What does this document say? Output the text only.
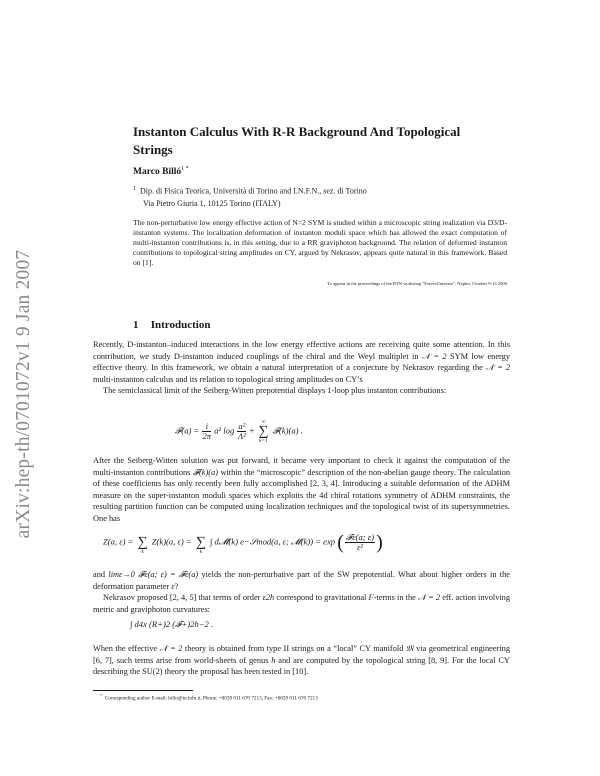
arXiv:hep-th/0701072v1 9 Jan 2007
Instanton Calculus With R-R Background And Topological
Strings
Marco Billó$^{1 *}$
$^1$ Dip. di Fisica Teorica, Università di Torino and I.N.F.N., sez. di Torino
Via Pietro Giuria 1, 10125 Torino (ITALY)
The non-perturbative low energy effective action of N=2 SYM is studied within a microscopic string realization via D3/D-instanton systems. The localization deformation of instanton moduli space which has allowed the exact computation of multi-instanton contributions is, in this setting, due to a RR graviphoton background. The relation of deformed instanton contributions to topological string amplitudes on CY, argued by Nekrasov, appears quite natural in this framework. Based on [1].
To appear in the proceedings of the RTN workshop "ForcesUniverse", Naples, October 9-13 2006
1 Introduction

Recently, D-instanton–induced interactions in the low energy effective actions are receiving quite some attention. In this contribution, we study D-instanton induced couplings of the chiral and the Weyl multiplet in 𝒩 = 2 SYM low energy effective theory. In this framework, we obtain a natural interpretation of a conjecture by Nekrasov regarding the 𝒩 = 2 multi-instanton calculus and its relation to topological string amplitudes on CY’s

The semiclassical limit of the Seiberg-Witten prepotential displays 1-loop plus instanton contributions:

𝓕(a) = $\frac{i}{2\pi} a^2$ $\log \frac{\text{a²}}{\text{Λ²}}$ +
∞
∑
k=1
𝓕(k)(a) .

After the Seiberg-Witten solution was put forward, it became very important to check it against the computation of the multi-instanton contributions 𝓕(k)(a) within the “microscopic” description of the non-abelian gauge theory. The calculation of these coefficients has only recently been fully accomplished [2, 3, 4]. Introducing a suitable deformation of the ADHM measure on the super-instanton moduli spaces which exploits the 4d chiral rotations symmetry of ADHM constraints, the resulting partition function can be computed using localization techniques and the topological twist of its supersymmetries. One has

Z(a, ε) =
∑
k
Z(k)(a, ε) =
∑
k
∫ d𝓜̂(k) e−𝒮mod(a, ε; 𝓜(k)) = exp ( $\frac{\text{𝓕ε(a; ε)}}{\text{ε²}}$ )

and limε→0 𝓕ε(a; ε) = 𝓕ε(a) yields the non-perturbative part of the SW prepotential. What about higher orders in the deformation parameter ε?

Nekrasov proposed [2, 4, 5] that terms of order ε2h correspond to gravitational F-terms in the 𝒩 = 2 eff. action involving metric and graviphoton curvatures:

∫ d4x (R+)2 (𝓕+)2h−2 .

When the effective 𝒩 = 2 theory is obtained from type II strings on a “local” CY manifold 𝔐 via geometrical engineering [6, 7], such terms arise from world-sheets of genus h and are computed by the topological string [8, 9]. For the local CY describing the SU(2) theory the proposal has been tested in [10].

*  Corresponding author E-mail: billo@to.infn.it, Phone: +0039 011 670 7213, Fax: +0039 011 670 7213
